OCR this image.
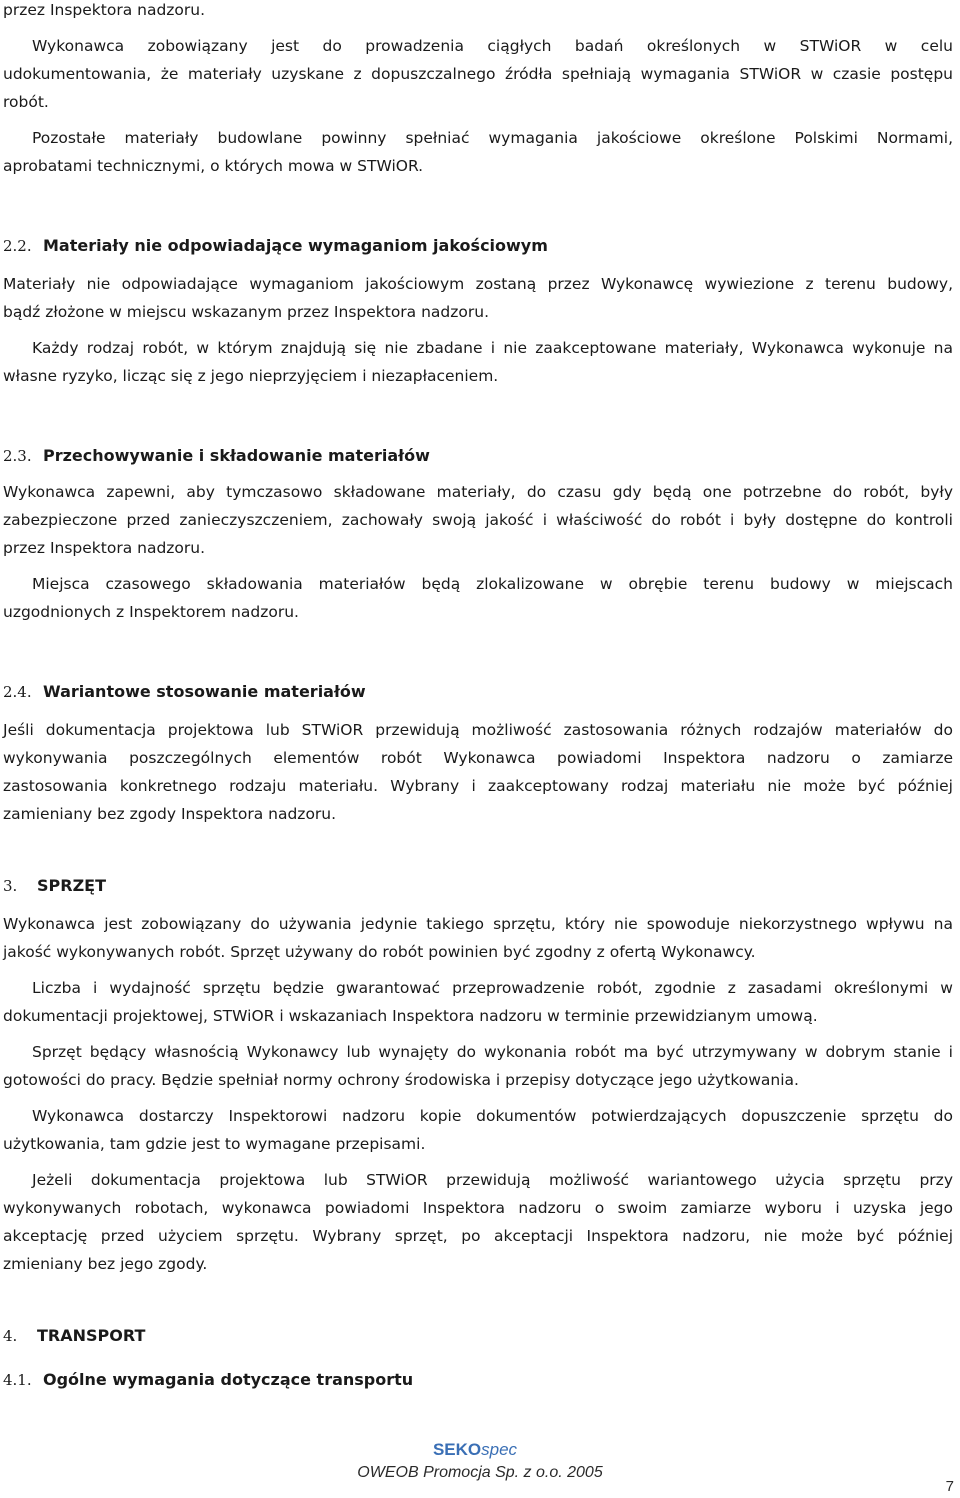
przez Inspektora nadzoru.
Wykonawca zobowiązany jest do prowadzenia ciągłych badań określonych w STWiOR w celu
udokumentowania, że materiały uzyskane z dopuszczalnego źródła spełniają wymagania STWiOR w czasie postępu
robót.
Pozostałe materiały budowlane powinny spełniać wymagania jakościowe określone Polskimi Normami,
aprobatami technicznymi, o których mowa w STWiOR.
2.2. Materiały nie odpowiadające wymaganiom jakościowym
Materiały nie odpowiadające wymaganiom jakościowym zostaną przez Wykonawcę wywiezione z terenu budowy,
bądź złożone w miejscu wskazanym przez Inspektora nadzoru.
Każdy rodzaj robót, w którym znajdują się nie zbadane i nie zaakceptowane materiały, Wykonawca wykonuje na
własne ryzyko, licząc się z jego nieprzyjęciem i niezapłaceniem.
2.3. Przechowywanie i składowanie materiałów
Wykonawca zapewni, aby tymczasowo składowane materiały, do czasu gdy będą one potrzebne do robót, były
zabezpieczone przed zanieczyszczeniem, zachowały swoją jakość i właściwość do robót i były dostępne do kontroli
przez Inspektora nadzoru.
Miejsca czasowego składowania materiałów będą zlokalizowane w obrębie terenu budowy w miejscach
uzgodnionych z Inspektorem nadzoru.
2.4. Wariantowe stosowanie materiałów
Jeśli dokumentacja projektowa lub STWiOR przewidują możliwość zastosowania różnych rodzajów materiałów do
wykonywania poszczególnych elementów robót Wykonawca powiadomi Inspektora nadzoru o zamiarze
zastosowania konkretnego rodzaju materiału. Wybrany i zaakceptowany rodzaj materiału nie może być później
zamieniany bez zgody Inspektora nadzoru.
3. SPRZĘT
Wykonawca jest zobowiązany do używania jedynie takiego sprzętu, który nie spowoduje niekorzystnego wpływu na
jakość wykonywanych robót. Sprzęt używany do robót powinien być zgodny z ofertą Wykonawcy.
Liczba i wydajność sprzętu będzie gwarantować przeprowadzenie robót, zgodnie z zasadami określonymi w
dokumentacji projektowej, STWiOR i wskazaniach Inspektora nadzoru w terminie przewidzianym umową.
Sprzęt będący własnością Wykonawcy lub wynajęty do wykonania robót ma być utrzymywany w dobrym stanie i
gotowości do pracy. Będzie spełniał normy ochrony środowiska i przepisy dotyczące jego użytkowania.
Wykonawca dostarczy Inspektorowi nadzoru kopie dokumentów potwierdzających dopuszczenie sprzętu do
użytkowania, tam gdzie jest to wymagane przepisami.
Jeżeli dokumentacja projektowa lub STWiOR przewidują możliwość wariantowego użycia sprzętu przy
wykonywanych robotach, wykonawca powiadomi Inspektora nadzoru o swoim zamiarze wyboru i uzyska jego
akceptację przed użyciem sprzętu. Wybrany sprzęt, po akceptacji Inspektora nadzoru, nie może być później
zmieniany bez jego zgody.
4. TRANSPORT
4.1. Ogólne wymagania dotyczące transportu
SEKOspec
OWEOB Promocja Sp. z o.o. 2005
7
